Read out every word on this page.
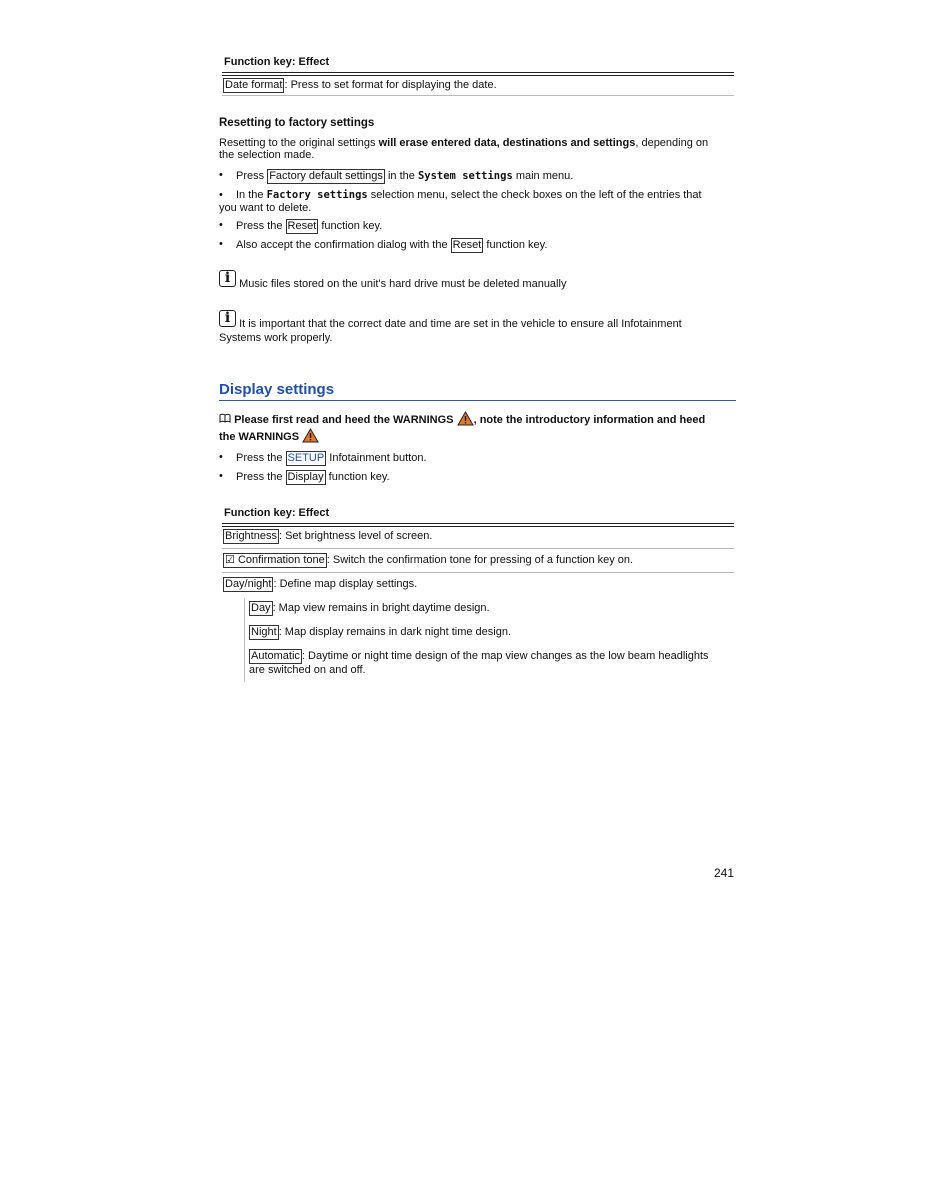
Function key: Effect
Date format : Press to set format for displaying the date.
Resetting to factory settings
Resetting to the original settings will erase entered data, destinations and settings, depending on
the selection made.
• Press Factory default settings in the System settings main menu.
• In the Factory settings selection menu, select the check boxes on the left of the entries that
you want to delete.
• Press the Reset function key.
• Also accept the confirmation dialog with the Reset function key.
i Music files stored on the unit's hard drive must be deleted manually
i It is important that the correct date and time are set in the vehicle to ensure all Infotainment
Systems work properly.
Display settings
Please first read and heed the WARNINGS , note the introductory information and heed
the WARNINGS
• Press the SETUP Infotainment button.
• Press the Display function key.
Function key: Effect
Brightness : Set brightness level of screen.
☑ Confirmation tone : Switch the confirmation tone for pressing of a function key on.
Day/night : Define map display settings.
Day : Map view remains in bright daytime design.
Night : Map display remains in dark night time design.
Automatic : Daytime or night time design of the map view changes as the low beam headlights
are switched on and off.
241
